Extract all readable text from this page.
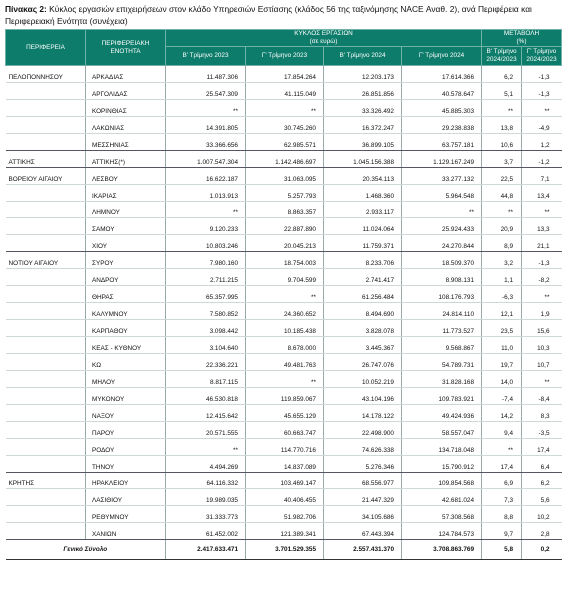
Πίνακας 2: Κύκλος εργασιών επιχειρήσεων στον κλάδο Υπηρεσιών Εστίασης (κλάδος 56 της ταξινόμησης NACE Αναθ. 2), ανά Περιφέρεια και Περιφερειακή Ενότητα (συνέχεια)
ΠΕΡΙΦΕΡΕΙΑ	ΠΕΡΙΦΕΡΕΙΑΚΗ ΕΝΟΤΗΤΑ	ΚΥΚΛΟΣ ΕΡΓΑΣΙΩΝ
(σε ευρώ)				ΜΕΤΑΒΟΛΗ
(%)	
		Β' Τρίμηνο 2023	Γ' Τρίμηνο 2023	Β' Τρίμηνο 2024	Γ' Τρίμηνο 2024	Β' Τρίμηνο 2024/2023	Γ' Τρίμηνο 2024/2023
ΠΕΛΟΠΟΝΝΗΣΟΥ	ΑΡΚΑΔΙΑΣ	11.487.306	17.854.264	12.203.173	17.614.366	6,2	-1,3
	ΑΡΓΟΛΙΔΑΣ	25.547.309	41.115.049	26.851.856	40.578.647	5,1	-1,3
	ΚΟΡΙΝΘΙΑΣ	**	**	33.326.492	45.885.303	**	**
	ΛΑΚΩΝΙΑΣ	14.391.805	30.745.260	16.372.247	29.238.838	13,8	-4,9
	ΜΕΣΣΗΝΙΑΣ	33.366.656	62.985.571	36.899.105	63.757.181	10,6	1,2
ΑΤΤΙΚΗΣ	ΑΤΤΙΚΗΣ(*)	1.007.547.304	1.142.486.697	1.045.156.388	1.129.167.249	3,7	-1,2
ΒΟΡΕΙΟΥ ΑΙΓΑΙΟΥ	ΛΕΣΒΟΥ	16.622.187	31.063.095	20.354.113	33.277.132	22,5	7,1
	ΙΚΑΡΙΑΣ	1.013.913	5.257.793	1.468.360	5.964.548	44,8	13,4
	ΛΗΜΝΟΥ	**	8.863.357	2.933.117	**	**	**
	ΣΑΜΟΥ	9.120.233	22.887.890	11.024.064	25.924.433	20,9	13,3
	ΧΙΟΥ	10.803.246	20.045.213	11.759.371	24.270.844	8,9	21,1
ΝΟΤΙΟΥ ΑΙΓΑΙΟΥ	ΣΥΡΟΥ	7.980.160	18.754.003	8.233.706	18.509.370	3,2	-1,3
	ΑΝΔΡΟΥ	2.711.215	9.704.599	2.741.417	8.908.131	1,1	-8,2
	ΘΗΡΑΣ	65.357.995	**	61.256.484	108.176.793	-6,3	**
	ΚΑΛΥΜΝΟΥ	7.580.852	24.360.652	8.494.690	24.814.110	12,1	1,9
	ΚΑΡΠΑΘΟΥ	3.098.442	10.185.438	3.828.078	11.773.527	23,5	15,6
	ΚΕΑΣ - ΚΥΘΝΟΥ	3.104.640	8.678.000	3.445.367	9.568.867	11,0	10,3
	ΚΩ	22.336.221	49.481.763	26.747.076	54.789.731	19,7	10,7
	ΜΗΛΟΥ	8.817.115	**	10.052.219	31.828.168	14,0	**
	ΜΥΚΟΝΟΥ	46.530.818	119.859.067	43.104.196	109.783.921	-7,4	-8,4
	ΝΑΞΟΥ	12.415.642	45.655.129	14.178.122	49.424.936	14,2	8,3
	ΠΑΡΟΥ	20.571.555	60.663.747	22.498.900	58.557.047	9,4	-3,5
	ΡΟΔΟΥ	**	114.770.716	74.626.338	134.718.048	**	17,4
	ΤΗΝΟΥ	4.494.269	14.837.089	5.276.346	15.790.912	17,4	6,4
ΚΡΗΤΗΣ	ΗΡΑΚΛΕΙΟΥ	64.116.332	103.469.147	68.556.977	109.854.568	6,9	6,2
	ΛΑΣΙΘΙΟΥ	19.989.035	40.406.455	21.447.329	42.681.024	7,3	5,6
	ΡΕΘΥΜΝΟΥ	31.333.773	51.982.706	34.105.686	57.308.568	8,8	10,2
	ΧΑΝΙΩΝ	61.452.002	121.389.341	67.443.394	124.784.573	9,7	2,8
Γενικό Σύνολο		2.417.633.471	3.701.529.355	2.557.431.370	3.708.863.769	5,8	0,2
